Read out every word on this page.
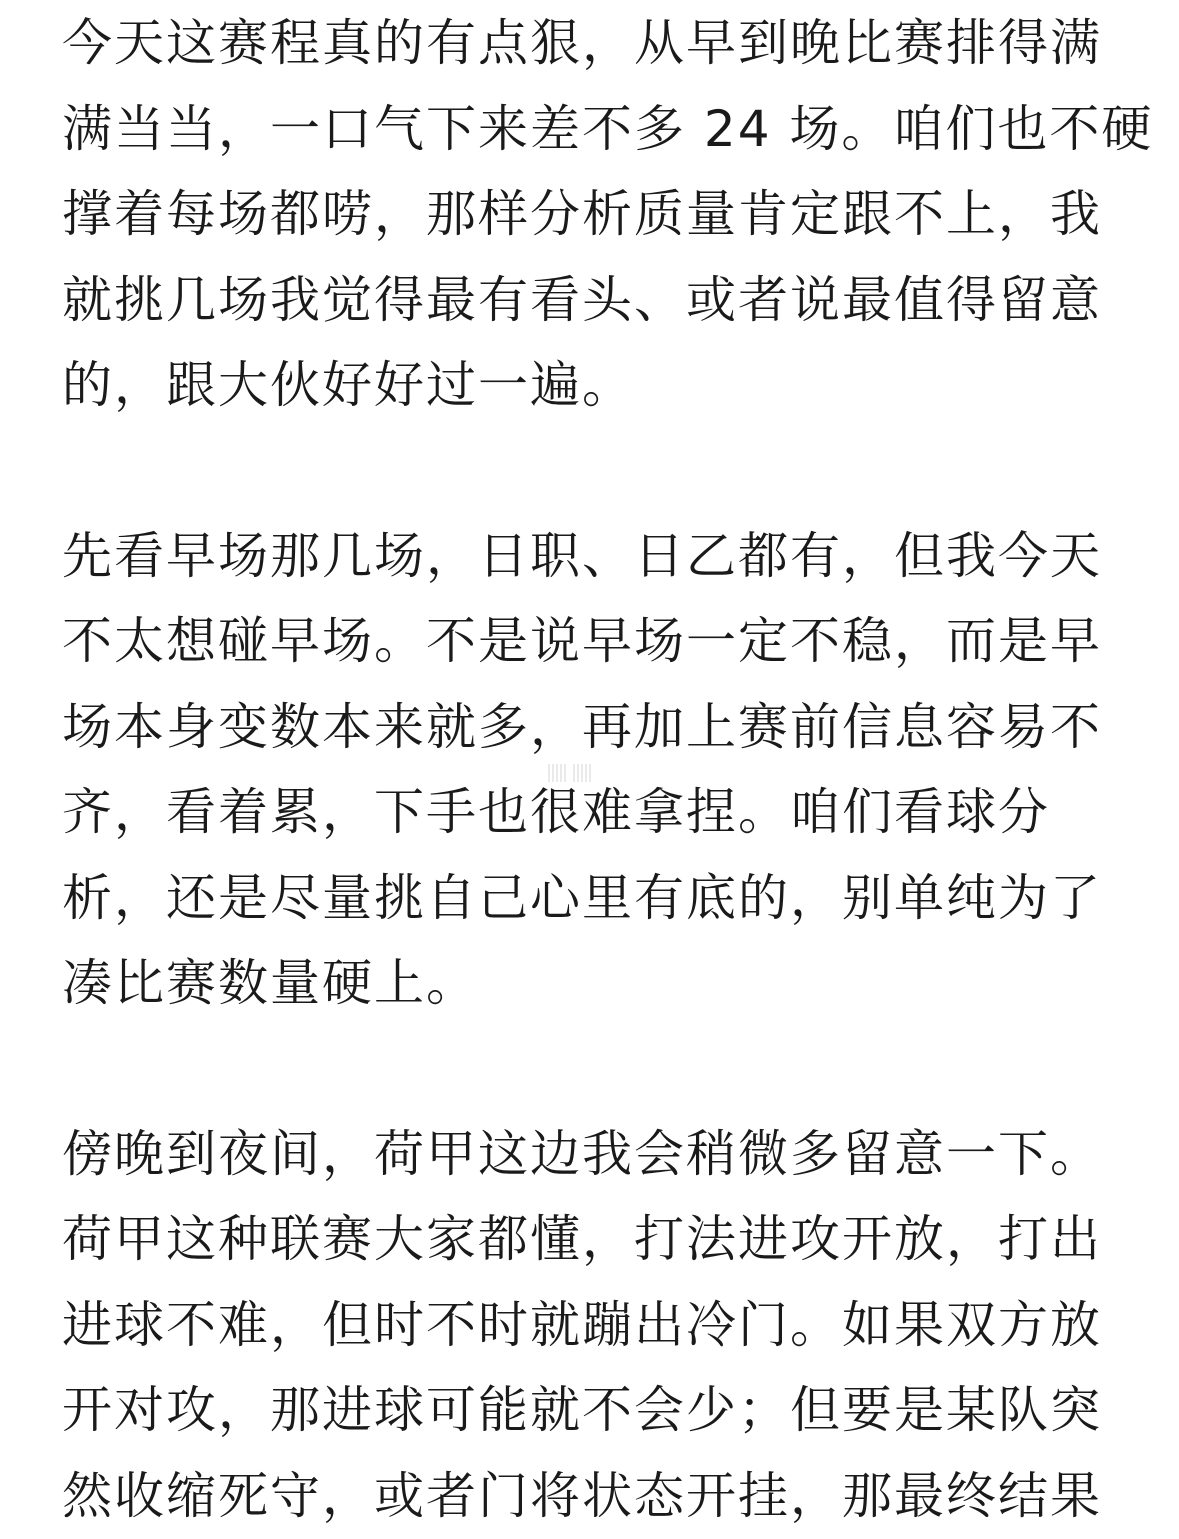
今天这赛程真的有点狠，从早到晚比赛排得满
满当当，一口气下来差不多 24 场。咱们也不硬
撑着每场都唠，那样分析质量肯定跟不上，我
就挑几场我觉得最有看头、或者说最值得留意
的，跟大伙好好过一遍。
先看早场那几场，日职、日乙都有，但我今天
不太想碰早场。不是说早场一定不稳，而是早
场本身变数本来就多，再加上赛前信息容易不
齐，看着累，下手也很难拿捏。咱们看球分
析，还是尽量挑自己心里有底的，别单纯为了
凑比赛数量硬上。
傍晚到夜间，荷甲这边我会稍微多留意一下。
荷甲这种联赛大家都懂，打法进攻开放，打出
进球不难，但时不时就蹦出冷门。如果双方放
开对攻，那进球可能就不会少；但要是某队突
然收缩死守，或者门将状态开挂，那最终结果
